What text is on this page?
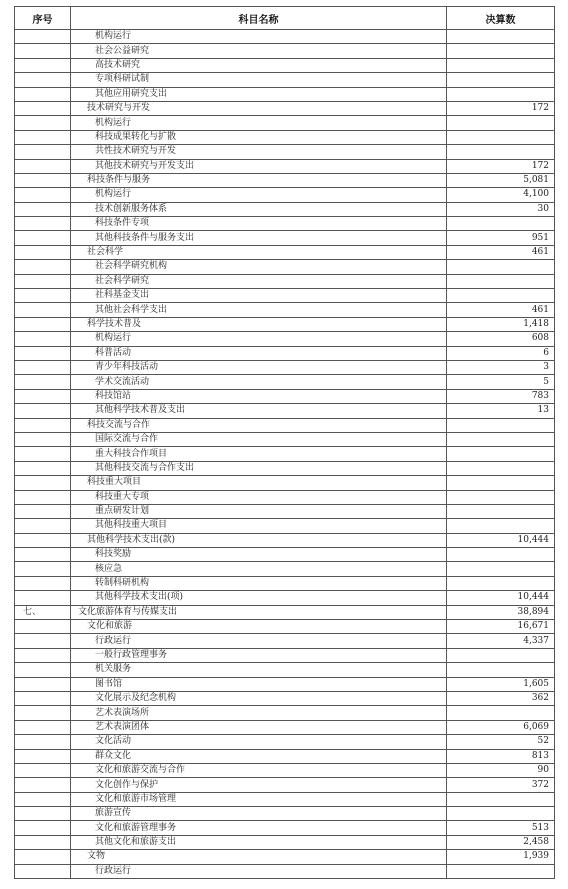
序号	科目名称	决算数
	机构运行	
	社会公益研究	
	高技术研究	
	专项科研试制	
	其他应用研究支出	
	技术研究与开发	172
	机构运行	
	科技成果转化与扩散	
	共性技术研究与开发	
	其他技术研究与开发支出	172
	科技条件与服务	5,081
	机构运行	4,100
	技术创新服务体系	30
	科技条件专项	
	其他科技条件与服务支出	951
	社会科学	461
	社会科学研究机构	
	社会科学研究	
	社科基金支出	
	其他社会科学支出	461
	科学技术普及	1,418
	机构运行	608
	科普活动	6
	青少年科技活动	3
	学术交流活动	5
	科技馆站	783
	其他科学技术普及支出	13
	科技交流与合作	
	国际交流与合作	
	重大科技合作项目	
	其他科技交流与合作支出	
	科技重大项目	
	科技重大专项	
	重点研发计划	
	其他科技重大项目	
	其他科学技术支出(款)	10,444
	科技奖励	
	核应急	
	转制科研机构	
	其他科学技术支出(项)	10,444
七、	文化旅游体育与传媒支出	38,894
	文化和旅游	16,671
	行政运行	4,337
	一般行政管理事务	
	机关服务	
	图书馆	1,605
	文化展示及纪念机构	362
	艺术表演场所	
	艺术表演团体	6,069
	文化活动	52
	群众文化	813
	文化和旅游交流与合作	90
	文化创作与保护	372
	文化和旅游市场管理	
	旅游宣传	
	文化和旅游管理事务	513
	其他文化和旅游支出	2,458
	文物	1,939
	行政运行	
